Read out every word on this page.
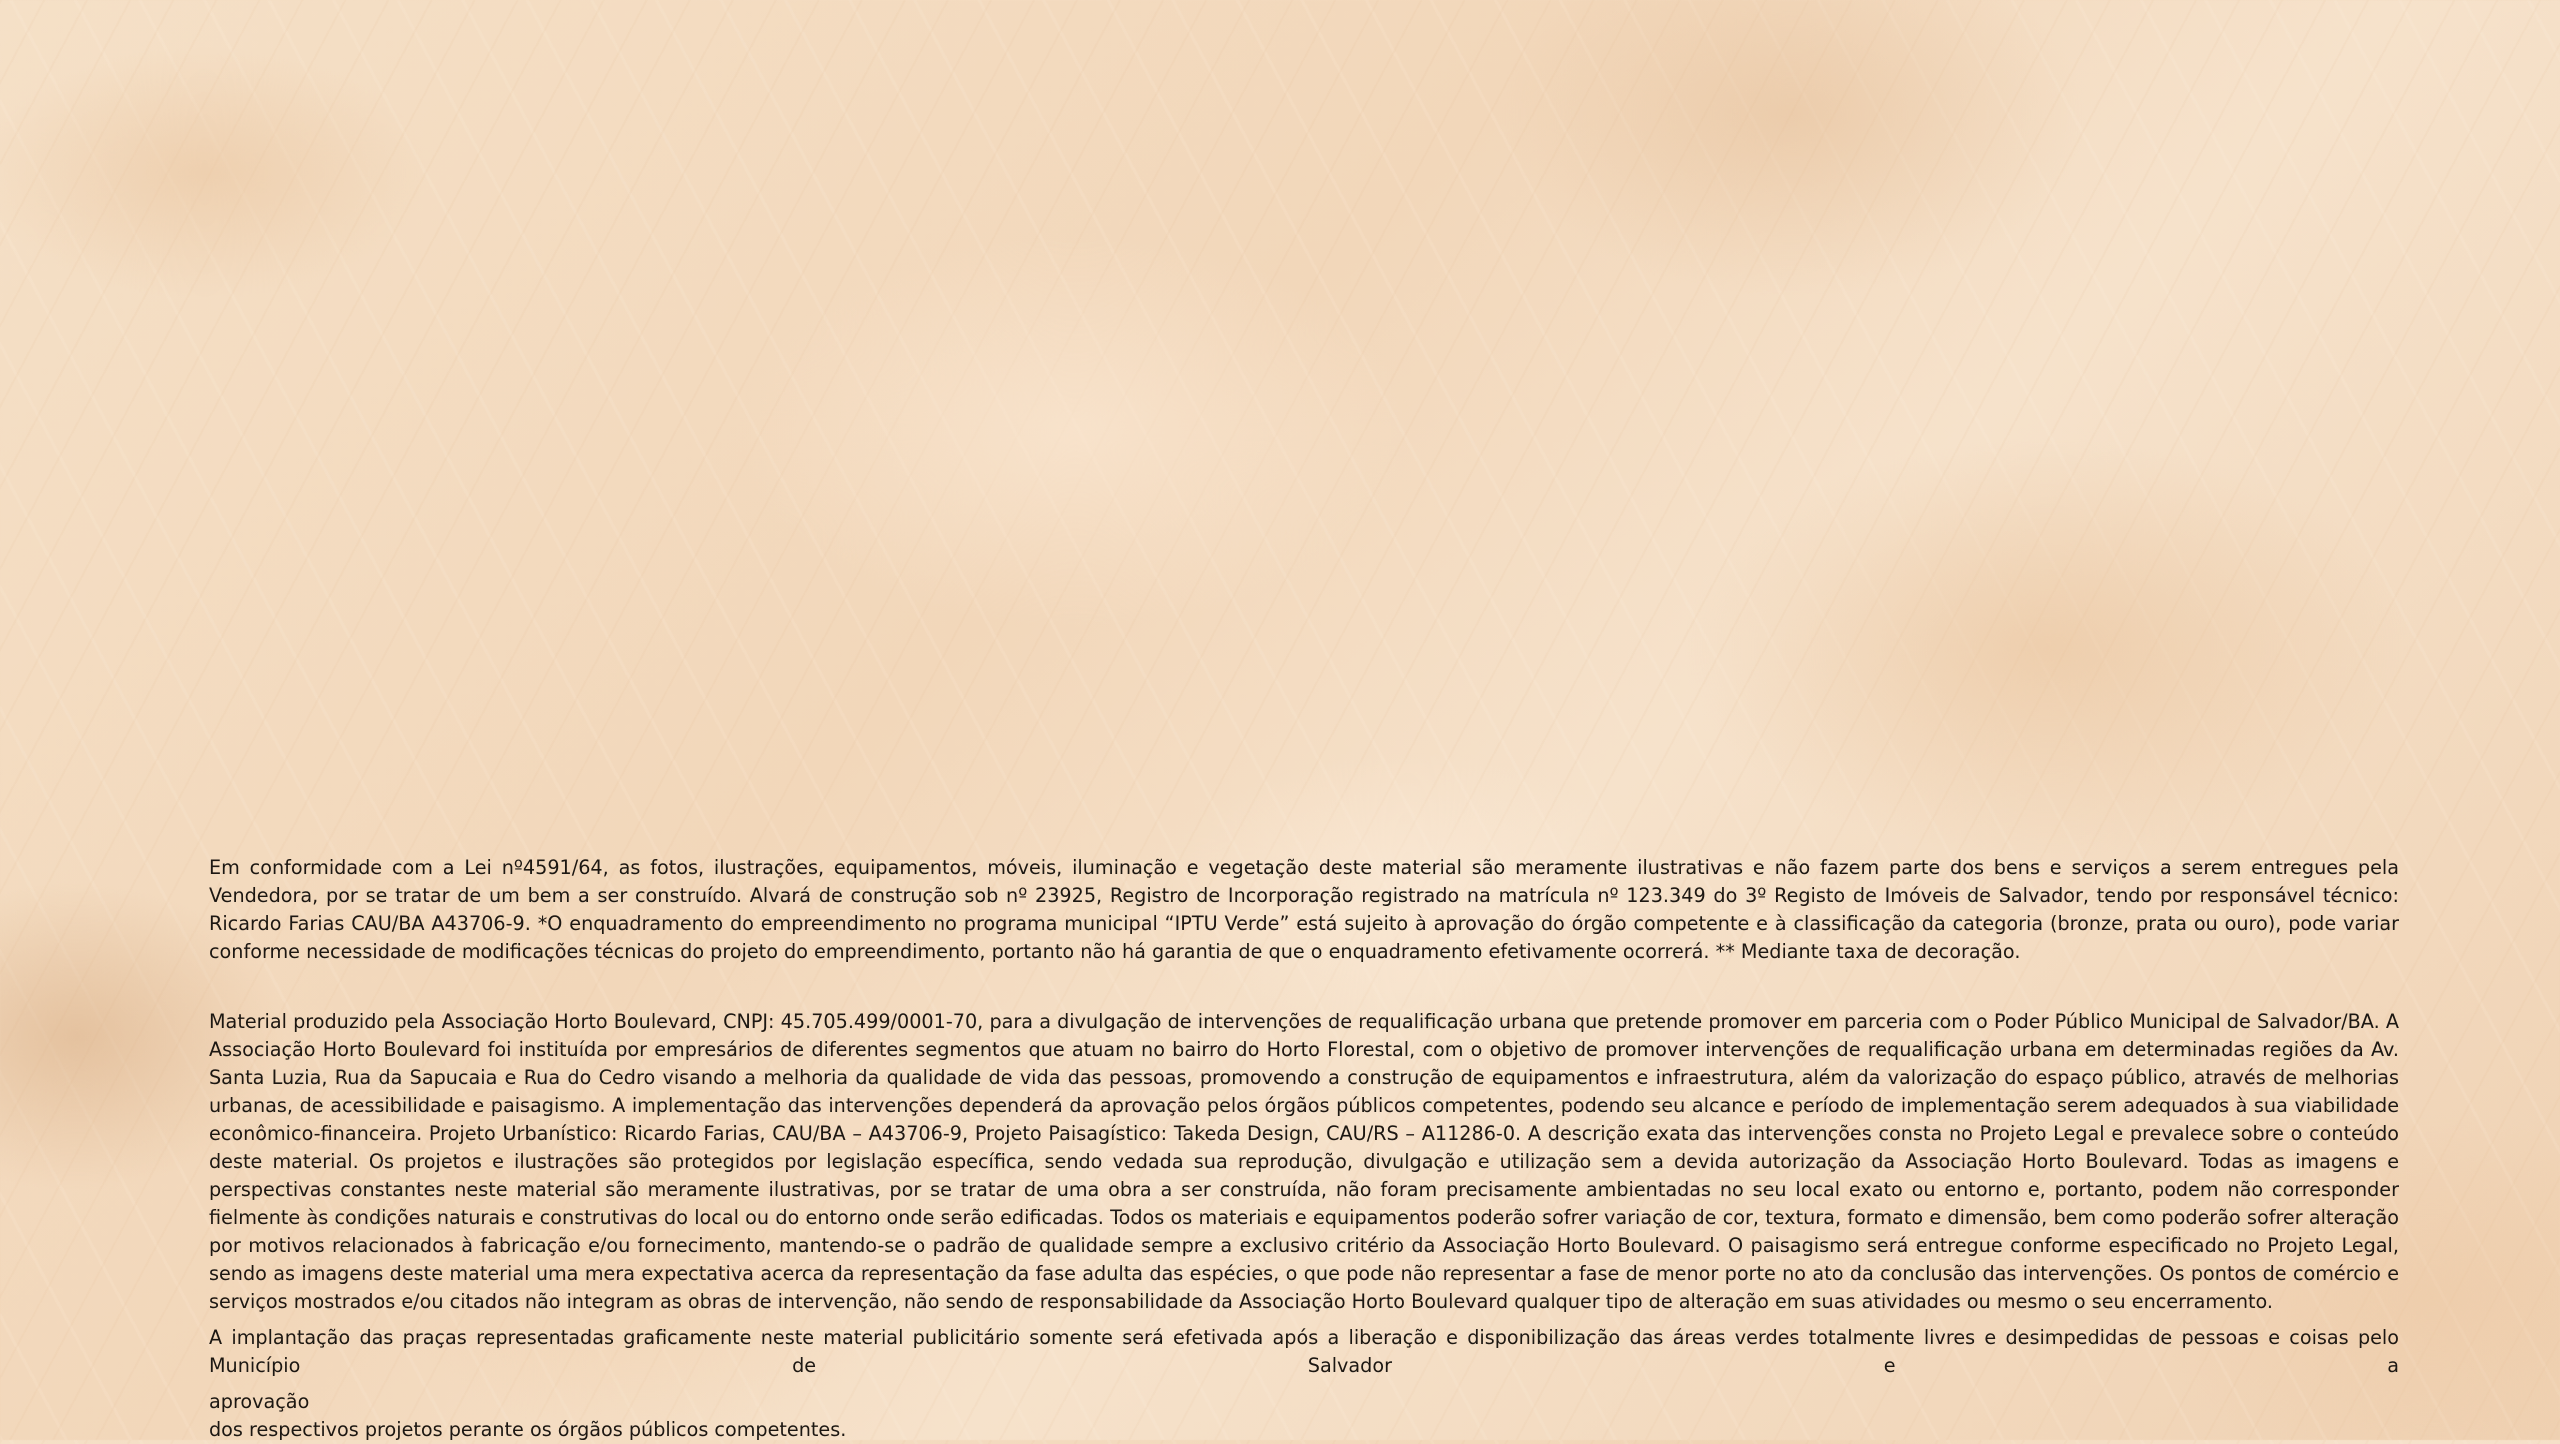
Em conformidade com a Lei nº4591/64, as fotos, ilustrações, equipamentos, móveis, iluminação e vegetação deste material são meramente ilustrativas e não fazem parte dos bens e serviços a serem entregues pela Vendedora, por se tratar de um bem a ser construído. Alvará de construção sob nº 23925, Registro de Incorporação registrado na matrícula nº 123.349 do 3º Registo de Imóveis de Salvador, tendo por responsável técnico: Ricardo Farias CAU/BA A43706-9. *O enquadramento do empreendimento no programa municipal “IPTU Verde” está sujeito à aprovação do órgão competente e à classificação da categoria (bronze, prata ou ouro), pode variar conforme necessidade de modificações técnicas do projeto do empreendimento, portanto não há garantia de que o enquadramento efetivamente ocorrerá. ** Mediante taxa de decoração.

Material produzido pela Associação Horto Boulevard, CNPJ: 45.705.499/0001-70, para a divulgação de intervenções de requalificação urbana que pretende promover em parceria com o Poder Público Municipal de Salvador/BA. A Associação Horto Boulevard foi instituída por empresários de diferentes segmentos que atuam no bairro do Horto Florestal, com o objetivo de promover intervenções de requalificação urbana em determinadas regiões da Av. Santa Luzia, Rua da Sapucaia e Rua do Cedro visando a melhoria da qualidade de vida das pessoas, promovendo a construção de equipamentos e infraestrutura, além da valorização do espaço público, através de melhorias urbanas, de acessibilidade e paisagismo. A implementação das intervenções dependerá da aprovação pelos órgãos públicos competentes, podendo seu alcance e período de implementação serem adequados à sua viabilidade econômico-financeira. Projeto Urbanístico: Ricardo Farias, CAU/BA – A43706-9, Projeto Paisagístico: Takeda Design, CAU/RS – A11286-0. A descrição exata das intervenções consta no Projeto Legal e prevalece sobre o conteúdo deste material. Os projetos e ilustrações são protegidos por legislação específica, sendo vedada sua reprodução, divulgação e utilização sem a devida autorização da Associação Horto Boulevard. Todas as imagens e perspectivas constantes neste material são meramente ilustrativas, por se tratar de uma obra a ser construída, não foram precisamente ambientadas no seu local exato ou entorno e, portanto, podem não corresponder fielmente às condições naturais e construtivas do local ou do entorno onde serão edificadas. Todos os materiais e equipamentos poderão sofrer variação de cor, textura, formato e dimensão, bem como poderão sofrer alteração por motivos relacionados à fabricação e/ou fornecimento, mantendo-se o padrão de qualidade sempre a exclusivo critério da Associação Horto Boulevard. O paisagismo será entregue conforme especificado no Projeto Legal, sendo as imagens deste material uma mera expectativa acerca da representação da fase adulta das espécies, o que pode não representar a fase de menor porte no ato da conclusão das intervenções. Os pontos de comércio e serviços mostrados e/ou citados não integram as obras de intervenção, não sendo de responsabilidade da Associação Horto Boulevard qualquer tipo de alteração em suas atividades ou mesmo o seu encerramento.

A implantação das praças representadas graficamente neste material publicitário somente será efetivada após a liberação e disponibilização das áreas verdes totalmente livres e desimpedidas de pessoas e coisas pelo Município de Salvador e a
aprovação
dos respectivos projetos perante os órgãos públicos competentes.
